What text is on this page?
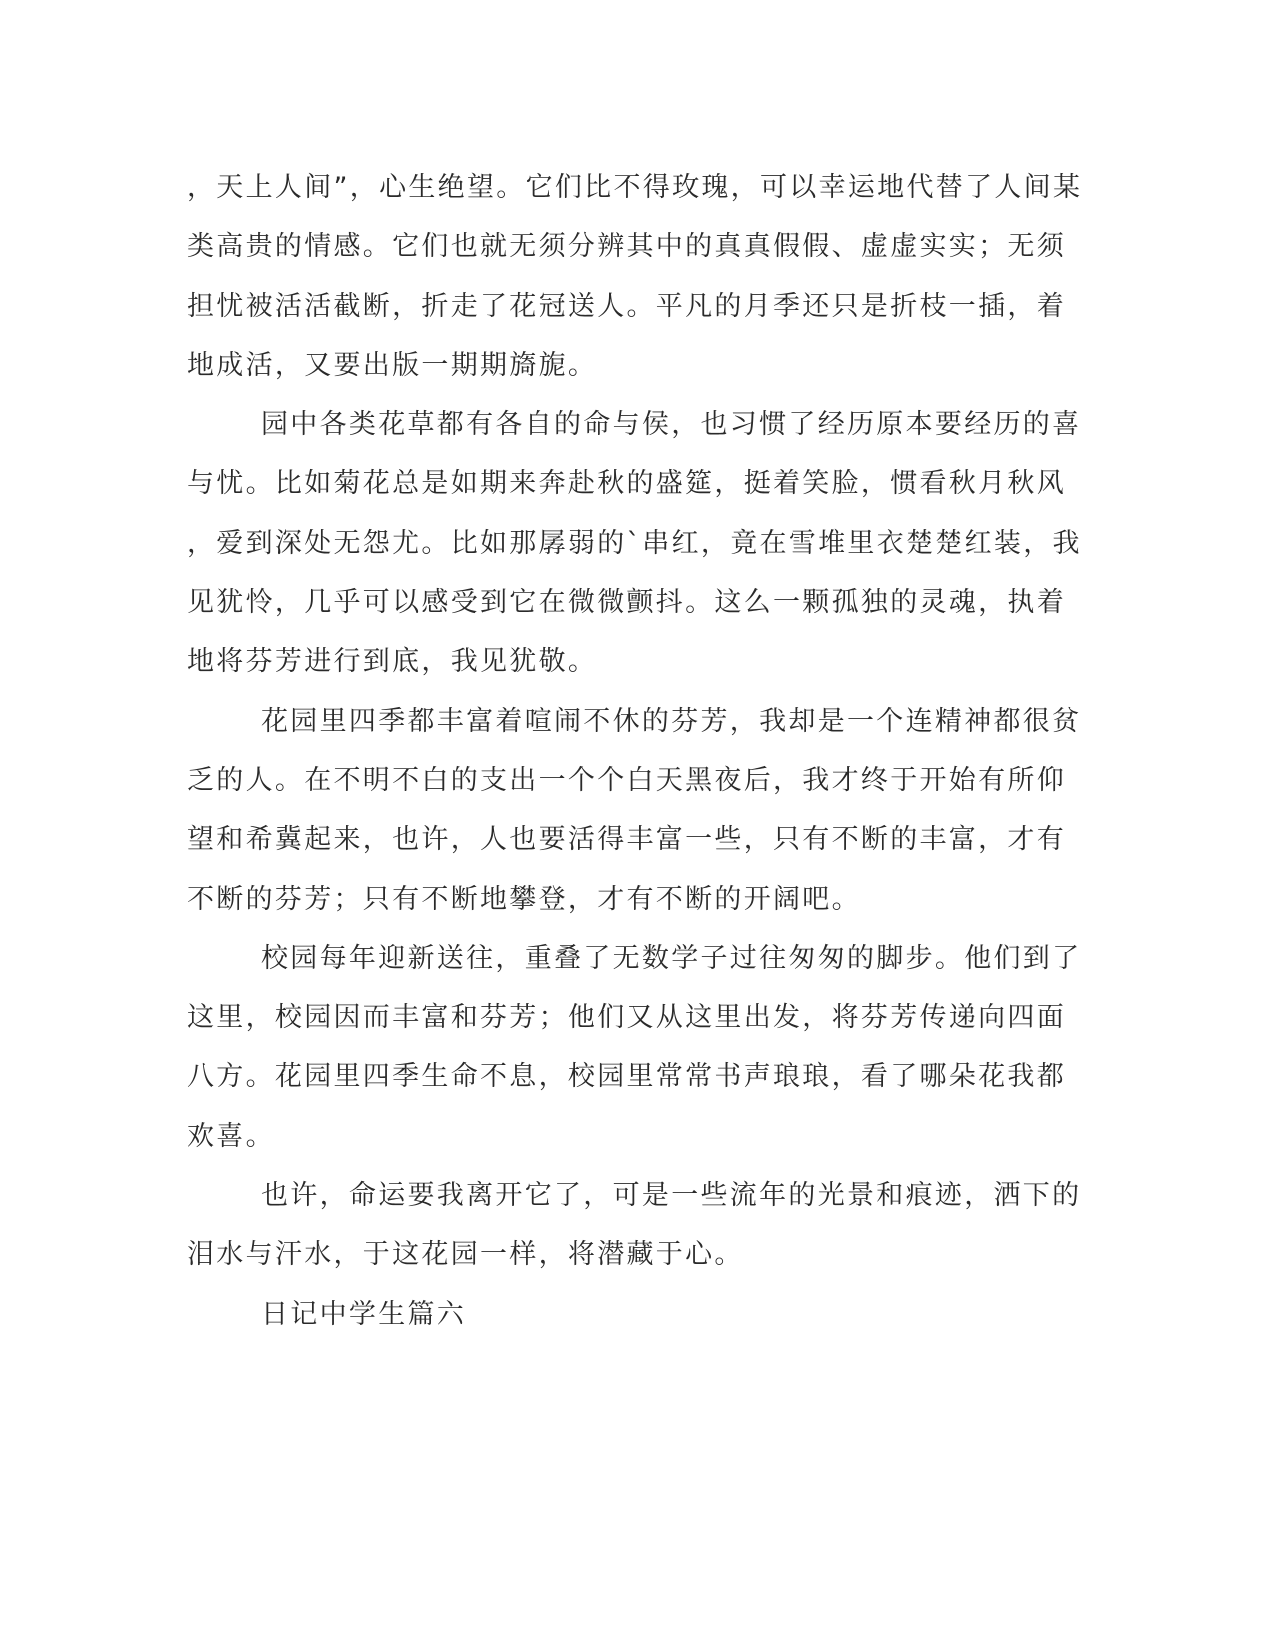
，天上人间”，心生绝望。它们比不得玫瑰，可以幸运地代替了人间某
类高贵的情感。它们也就无须分辨其中的真真假假、虚虚实实；无须
担忧被活活截断，折走了花冠送人。平凡的月季还只是折枝一插，着
地成活，又要出版一期期旖旎。
园中各类花草都有各自的命与侯，也习惯了经历原本要经历的喜
与忧。比如菊花总是如期来奔赴秋的盛筵，挺着笑脸，惯看秋月秋风
，爱到深处无怨尤。比如那孱弱的`串红，竟在雪堆里衣楚楚红装，我
见犹怜，几乎可以感受到它在微微颤抖。这么一颗孤独的灵魂，执着
地将芬芳进行到底，我见犹敬。
花园里四季都丰富着喧闹不休的芬芳，我却是一个连精神都很贫
乏的人。在不明不白的支出一个个白天黑夜后，我才终于开始有所仰
望和希冀起来，也许，人也要活得丰富一些，只有不断的丰富，才有
不断的芬芳；只有不断地攀登，才有不断的开阔吧。
校园每年迎新送往，重叠了无数学子过往匆匆的脚步。他们到了
这里，校园因而丰富和芬芳；他们又从这里出发，将芬芳传递向四面
八方。花园里四季生命不息，校园里常常书声琅琅，看了哪朵花我都
欢喜。
也许，命运要我离开它了，可是一些流年的光景和痕迹，洒下的
泪水与汗水，于这花园一样，将潜藏于心。
日记中学生篇六
